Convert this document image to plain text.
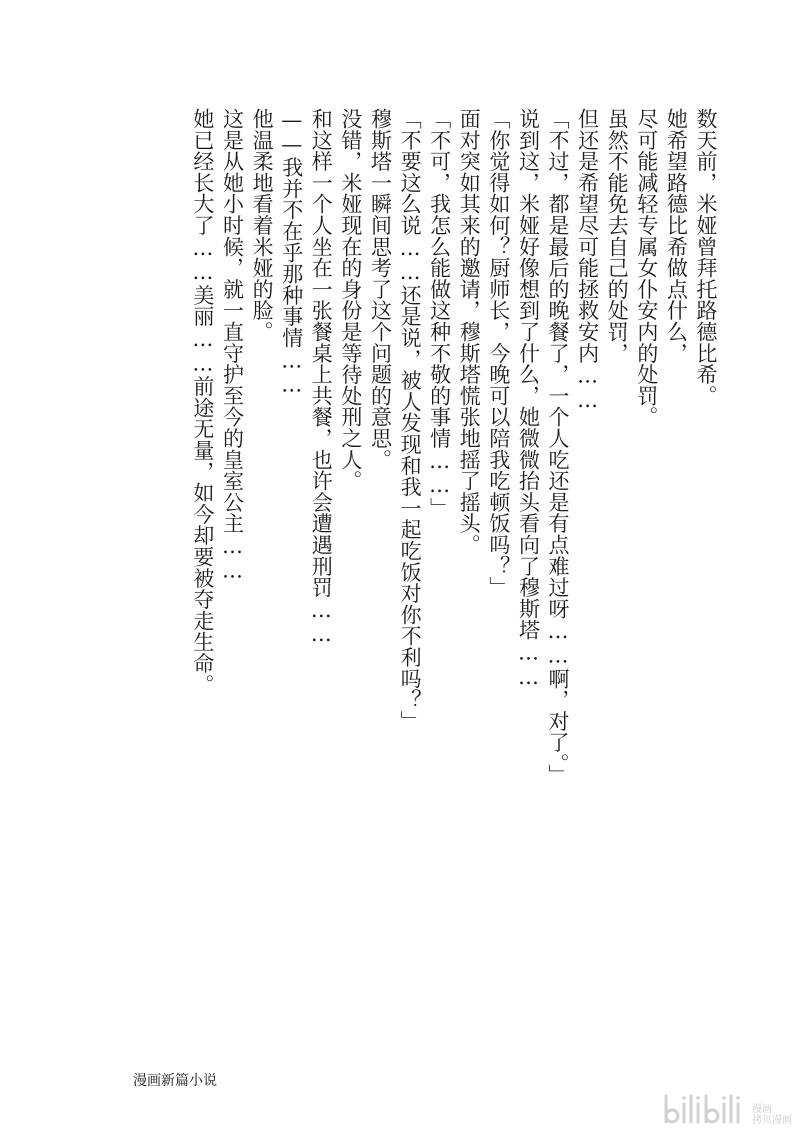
数天前，米娅曾拜托路德比希。
她希望路德比希做点什么，
尽可能减轻专属女仆安内的处罚。
虽然不能免去自己的处罚，
但还是希望尽可能拯救安内……
「不过，都是最后的晚餐了，一个人吃还是有点难过呀……啊，对了。」
说到这，米娅好像想到了什么，她微微抬头看向了穆斯塔……
「你觉得如何？厨师长，今晚可以陪我吃顿饭吗？」
面对突如其来的邀请，穆斯塔慌张地摇了摇头。
「不可，我怎么能做这种不敬的事情……」
「不要这么说……还是说，被人发现和我一起吃饭对你不利吗？」
穆斯塔一瞬间思考了这个问题的意思。
没错，米娅现在的身份是等待处刑之人。
和这样一个人坐在一张餐桌上共餐，也许会遭遇刑罚……
——我并不在乎那种事情……
他温柔地看着米娅的脸。
这是从她小时候，就一直守护至今的皇室公主……
她已经长大了……美丽……前途无量，如今却要被夺走生命。
漫画新篇小说
漫画
拷贝漫画
